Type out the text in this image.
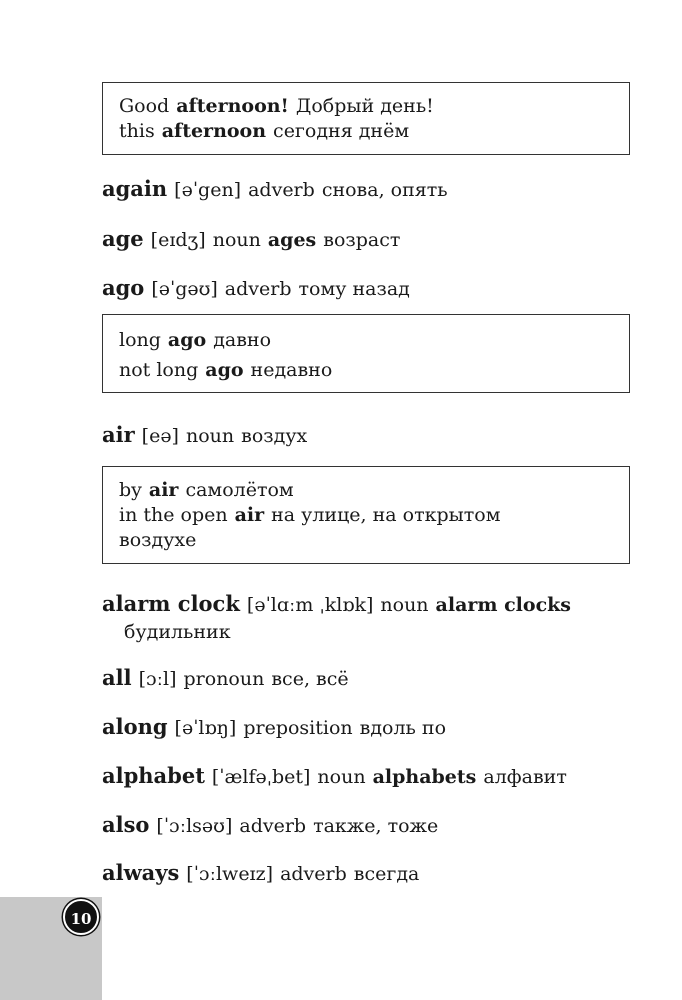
Good afternoon! Добрый день!
this afternoon сегодня днём
again [əˈgen] adverb снова, опять
age [eɪdʒ] noun ages возраст
ago [əˈgəʊ] adverb тому назад
long ago давно
not long ago недавно
air [eə] noun воздух
by air самолётом
in the open air на улице, на открытом
воздухе
alarm clock [əˈlɑːm ˌklɒk] noun alarm clocks
будильник
all [ɔːl] pronoun все, всё
along [əˈlɒŋ] preposition вдоль по
alphabet [ˈælfəˌbet] noun alphabets алфавит
also [ˈɔːlsəʊ] adverb также, тоже
always [ˈɔːlweɪz] adverb всегда
10
